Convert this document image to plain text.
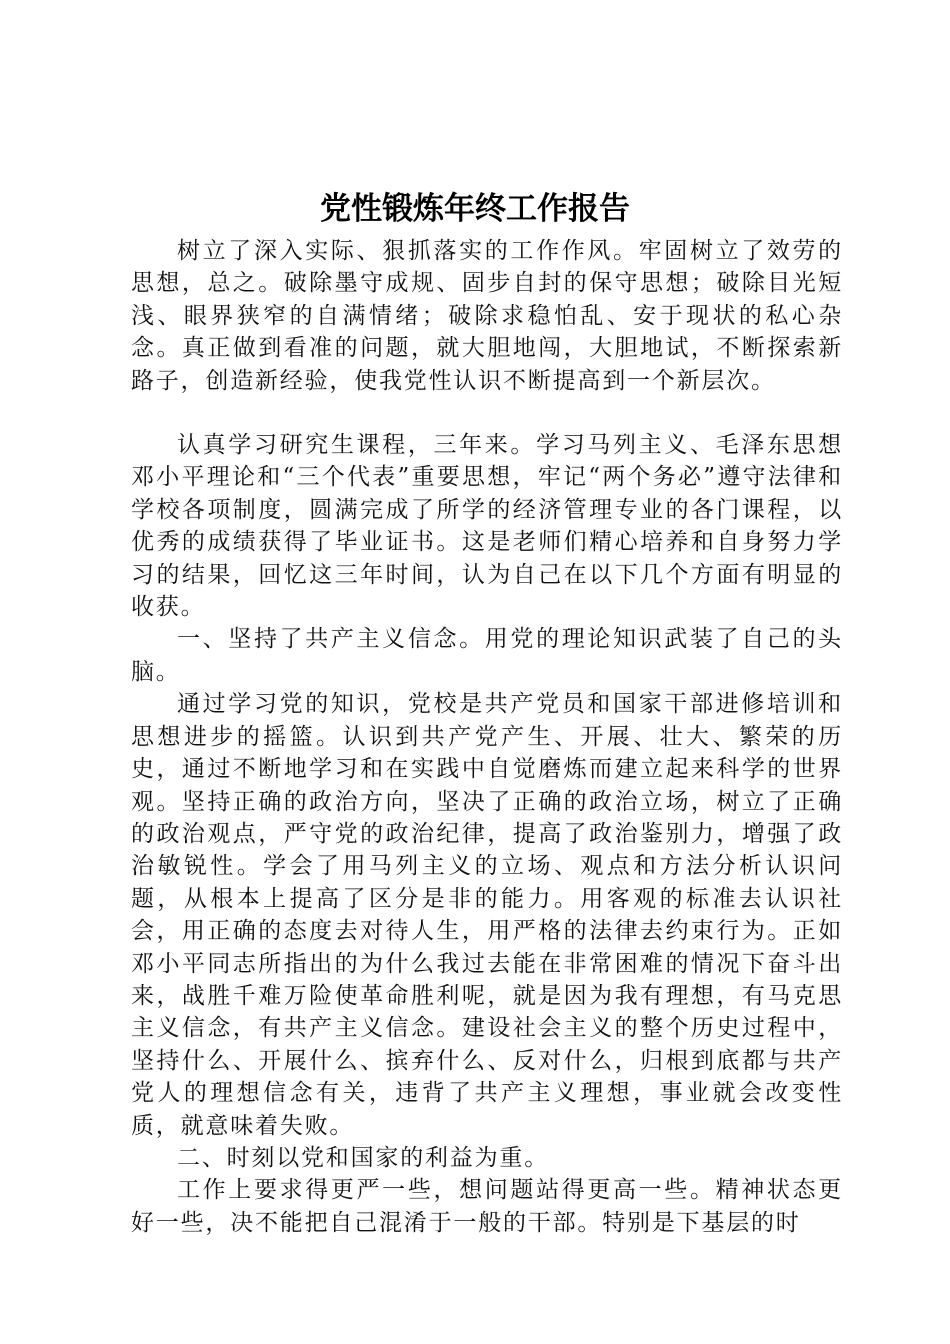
党性锻炼年终工作报告

树立了深入实际、狠抓落实的工作作风。牢固树立了效劳的思想，总之。破除墨守成规、固步自封的保守思想；破除目光短浅、眼界狭窄的自满情绪；破除求稳怕乱、安于现状的私心杂念。真正做到看准的问题，就大胆地闯，大胆地试，不断探索新路子，创造新经验，使我党性认识不断提高到一个新层次。

认真学习研究生课程，三年来。学习马列主义、毛泽东思想邓小平理论和“三个代表”重要思想，牢记“两个务必”遵守法律和学校各项制度，圆满完成了所学的经济管理专业的各门课程，以优秀的成绩获得了毕业证书。这是老师们精心培养和自身努力学习的结果，回忆这三年时间，认为自己在以下几个方面有明显的收获。

一、坚持了共产主义信念。用党的理论知识武装了自己的头脑。

通过学习党的知识，党校是共产党员和国家干部进修培训和思想进步的摇篮。认识到共产党产生、开展、壮大、繁荣的历史，通过不断地学习和在实践中自觉磨炼而建立起来科学的世界观。坚持正确的政治方向，坚决了正确的政治立场，树立了正确的政治观点，严守党的政治纪律，提高了政治鉴别力，增强了政治敏锐性。学会了用马列主义的立场、观点和方法分析认识问题，从根本上提高了区分是非的能力。用客观的标准去认识社会，用正确的态度去对待人生，用严格的法律去约束行为。正如邓小平同志所指出的为什么我过去能在非常困难的情况下奋斗出来，战胜千难万险使革命胜利呢，就是因为我有理想，有马克思主义信念，有共产主义信念。建设社会主义的整个历史过程中，坚持什么、开展什么、摈弃什么、反对什么，归根到底都与共产党人的理想信念有关，违背了共产主义理想，事业就会改变性质，就意味着失败。

二、时刻以党和国家的利益为重。

工作上要求得更严一些，想问题站得更高一些。精神状态更好一些，决不能把自己混淆于一般的干部。特别是下基层的时
